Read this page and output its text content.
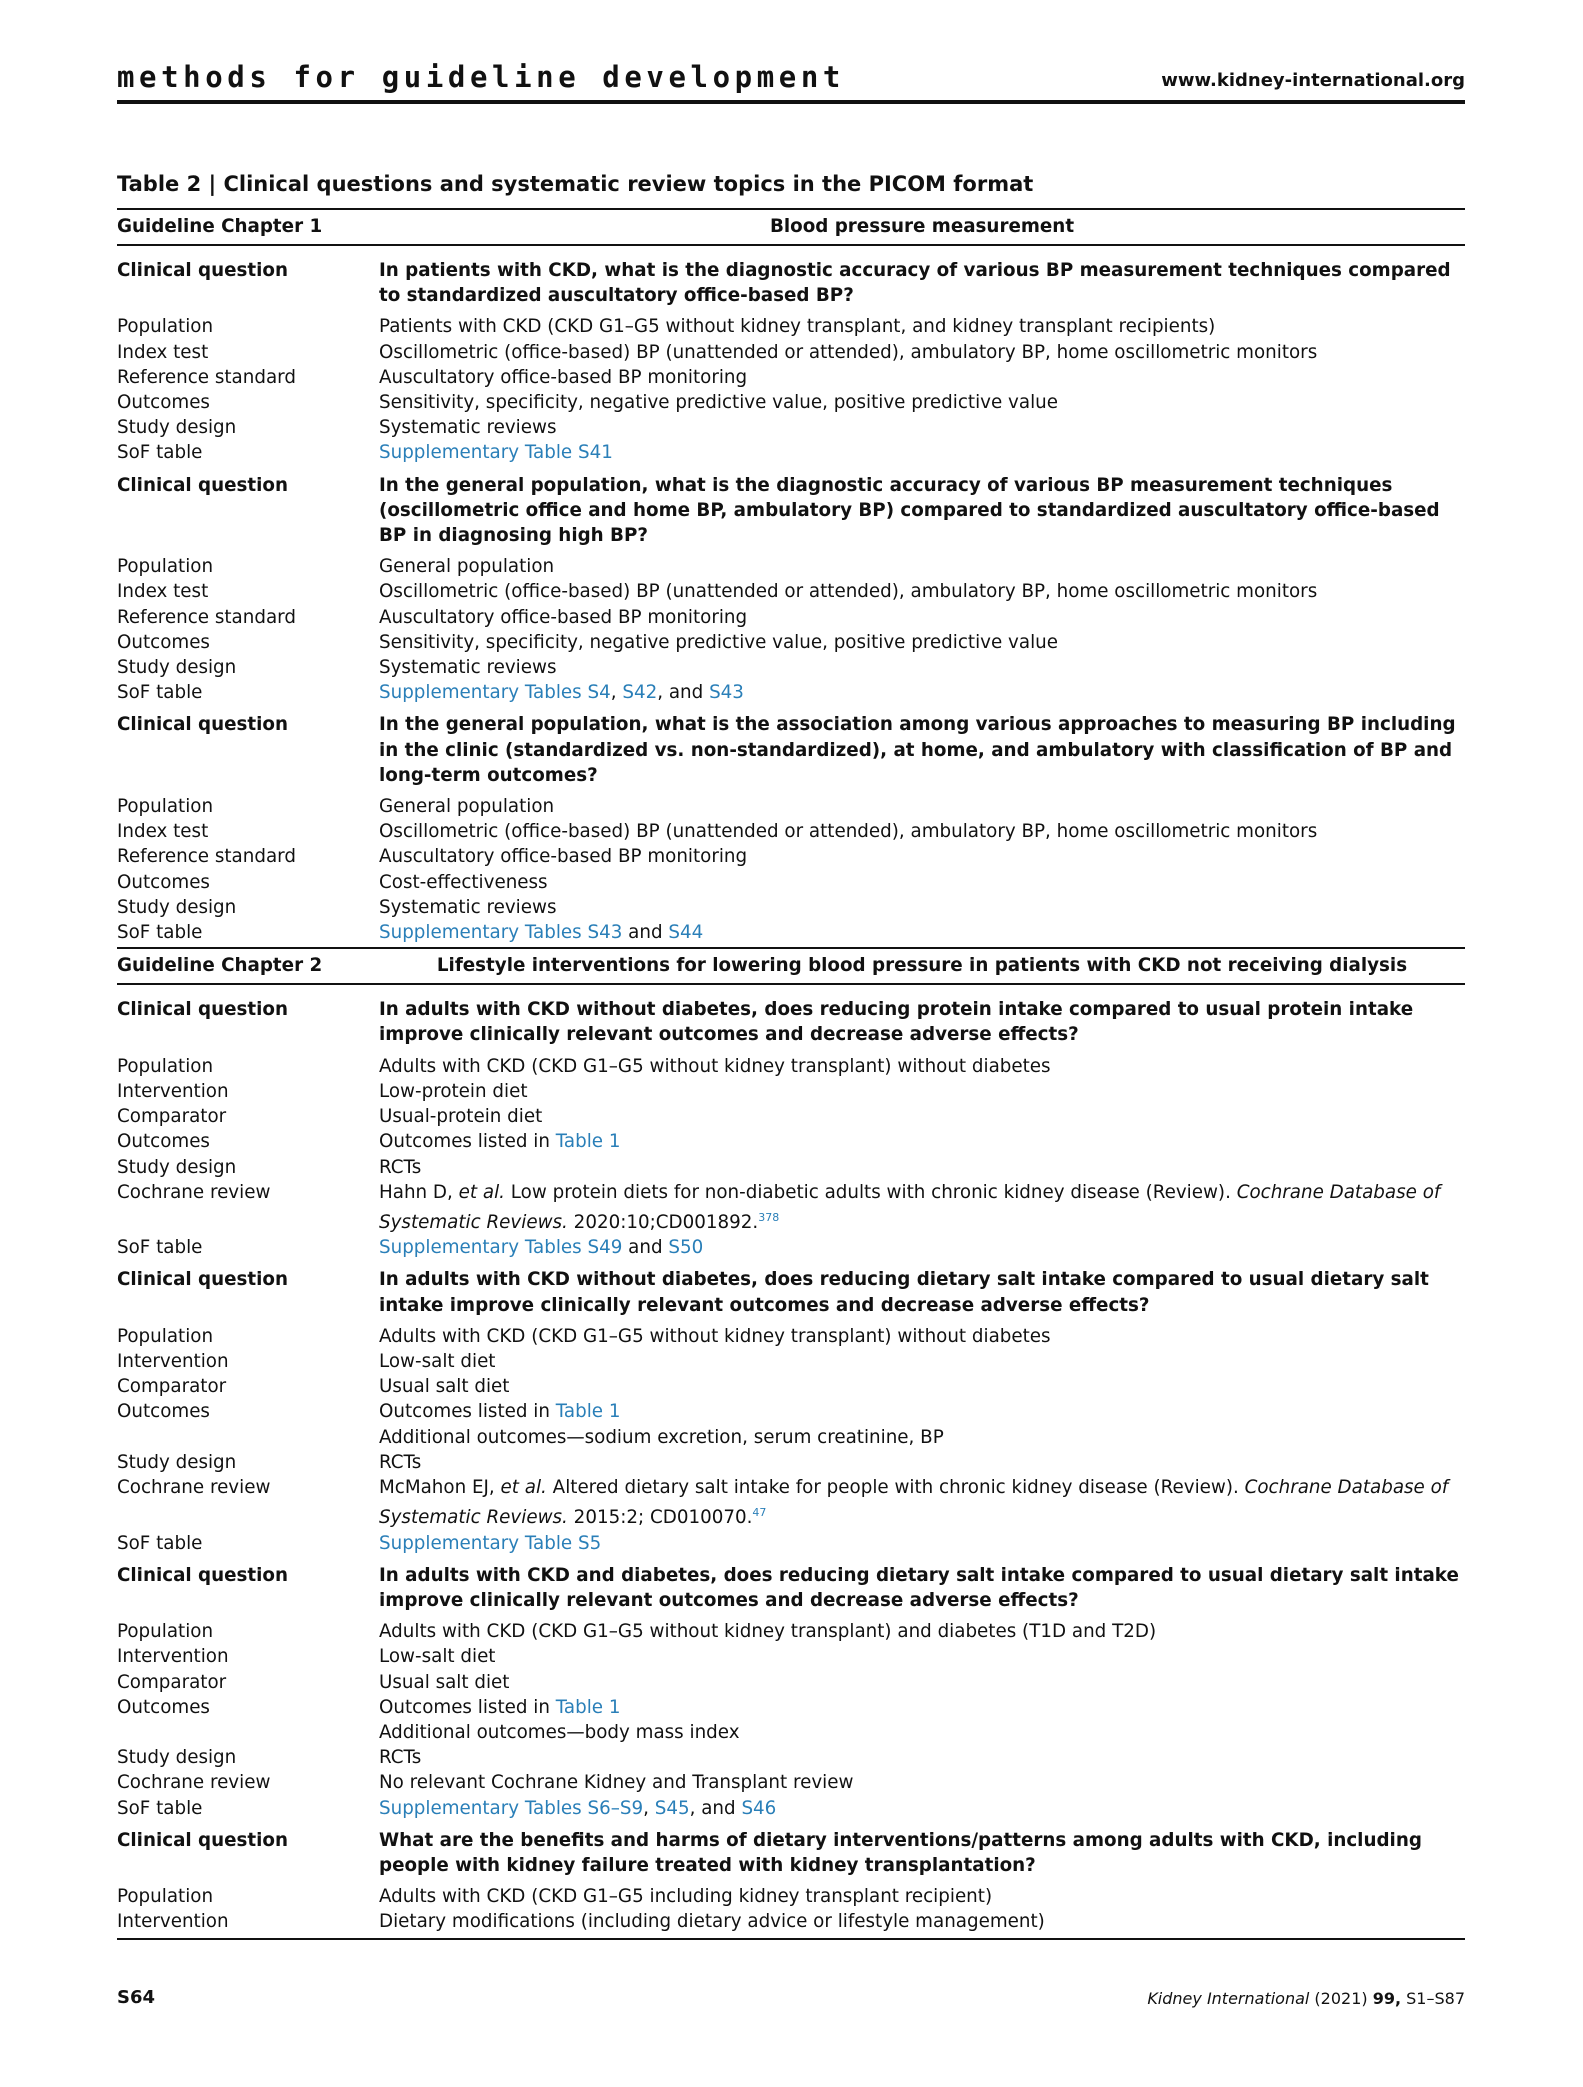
methods for guideline development	www.kidney-international.org
Table 2 | Clinical questions and systematic review topics in the PICOM format
Guideline Chapter 1	Blood pressure measurement
Clinical question	In patients with CKD, what is the diagnostic accuracy of various BP measurement techniques compared to standardized auscultatory office-based BP?
Population	Patients with CKD (CKD G1–G5 without kidney transplant, and kidney transplant recipients)
Index test	Oscillometric (office-based) BP (unattended or attended), ambulatory BP, home oscillometric monitors
Reference standard	Auscultatory office-based BP monitoring
Outcomes	Sensitivity, specificity, negative predictive value, positive predictive value
Study design	Systematic reviews
SoF table	Supplementary Table S41
Clinical question	In the general population, what is the diagnostic accuracy of various BP measurement techniques (oscillometric office and home BP, ambulatory BP) compared to standardized auscultatory office-based BP in diagnosing high BP?
Population	General population
Index test	Oscillometric (office-based) BP (unattended or attended), ambulatory BP, home oscillometric monitors
Reference standard	Auscultatory office-based BP monitoring
Outcomes	Sensitivity, specificity, negative predictive value, positive predictive value
Study design	Systematic reviews
SoF table	Supplementary Tables S4, S42, and S43
Clinical question	In the general population, what is the association among various approaches to measuring BP including in the clinic (standardized vs. non-standardized), at home, and ambulatory with classification of BP and long-term outcomes?
Population	General population
Index test	Oscillometric (office-based) BP (unattended or attended), ambulatory BP, home oscillometric monitors
Reference standard	Auscultatory office-based BP monitoring
Outcomes	Cost-effectiveness
Study design	Systematic reviews
SoF table	Supplementary Tables S43 and S44
Guideline Chapter 2	Lifestyle interventions for lowering blood pressure in patients with CKD not receiving dialysis
Clinical question	In adults with CKD without diabetes, does reducing protein intake compared to usual protein intake improve clinically relevant outcomes and decrease adverse effects?
Population	Adults with CKD (CKD G1–G5 without kidney transplant) without diabetes
Intervention	Low-protein diet
Comparator	Usual-protein diet
Outcomes	Outcomes listed in Table 1
Study design	RCTs
Cochrane review	Hahn D, et al. Low protein diets for non-diabetic adults with chronic kidney disease (Review). Cochrane Database of Systematic Reviews. 2020:10;CD001892.$^{378}$
SoF table	Supplementary Tables S49 and S50
Clinical question	In adults with CKD without diabetes, does reducing dietary salt intake compared to usual dietary salt intake improve clinically relevant outcomes and decrease adverse effects?
Population	Adults with CKD (CKD G1–G5 without kidney transplant) without diabetes
Intervention	Low-salt diet
Comparator	Usual salt diet
Outcomes	Outcomes listed in Table 1
Additional outcomes—sodium excretion, serum creatinine, BP
Study design	RCTs
Cochrane review	McMahon EJ, et al. Altered dietary salt intake for people with chronic kidney disease (Review). Cochrane Database of Systematic Reviews. 2015:2; CD010070.47
SoF table	Supplementary Table S5
Clinical question	In adults with CKD and diabetes, does reducing dietary salt intake compared to usual dietary salt intake improve clinically relevant outcomes and decrease adverse effects?
Population	Adults with CKD (CKD G1–G5 without kidney transplant) and diabetes (T1D and T2D)
Intervention	Low-salt diet
Comparator	Usual salt diet
Outcomes	Outcomes listed in Table 1
Additional outcomes—body mass index
Study design	RCTs
Cochrane review	No relevant Cochrane Kidney and Transplant review
SoF table	Supplementary Tables S6–S9, S45, and S46
Clinical question	What are the benefits and harms of dietary interventions/patterns among adults with CKD, including people with kidney failure treated with kidney transplantation?
Population	Adults with CKD (CKD G1–G5 including kidney transplant recipient)
Intervention	Dietary modifications (including dietary advice or lifestyle management)
S64	Kidney International (2021) 99, S1–S87
